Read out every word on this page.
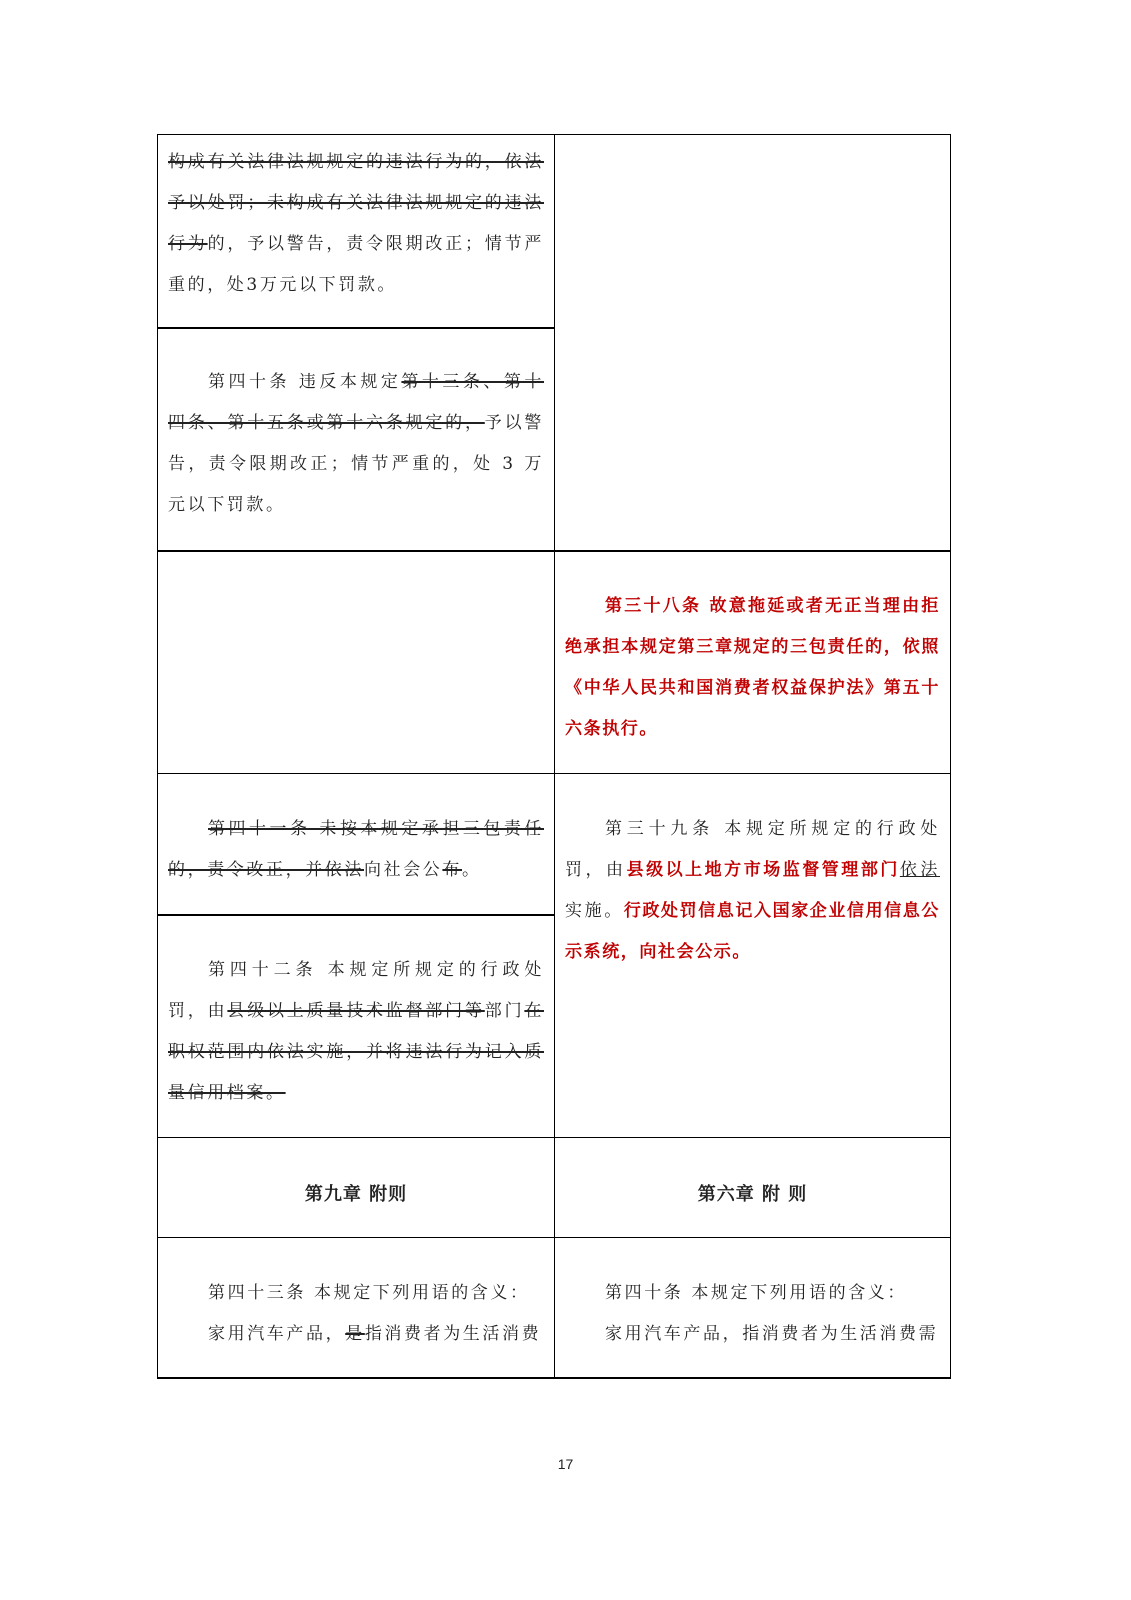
构成有关法律法规规定的违法行为的，依法予以处罚；未构成有关法律法规规定的违法行为的，予以警告，责令限期改正；情节严重的，处3万元以下罚款。

第四十条 违反本规定第十三条、第十四条、第十五条或第十六条规定的，予以警告，责令限期改正；情节严重的，处 3 万元以下罚款。

第三十八条 故意拖延或者无正当理由拒绝承担本规定第三章规定的三包责任的，依照《中华人民共和国消费者权益保护法》第五十六条执行。

第四十一条 未按本规定承担三包责任的，责令改正，并依法向社会公布。

第四十二条 本规定所规定的行政处罚，由县级以上质量技术监督部门等部门在职权范围内依法实施，并将违法行为记入质量信用档案。

第三十九条 本规定所规定的行政处罚，由县级以上地方市场监督管理部门依法实施。行政处罚信息记入国家企业信用信息公示系统，向社会公示。

第四十三条 本规定下列用语的含义：

家用汽车产品，是指消费者为生活消费

第四十条 本规定下列用语的含义：

家用汽车产品，指消费者为生活消费需

第九章 附则	第六章 附 则
17
